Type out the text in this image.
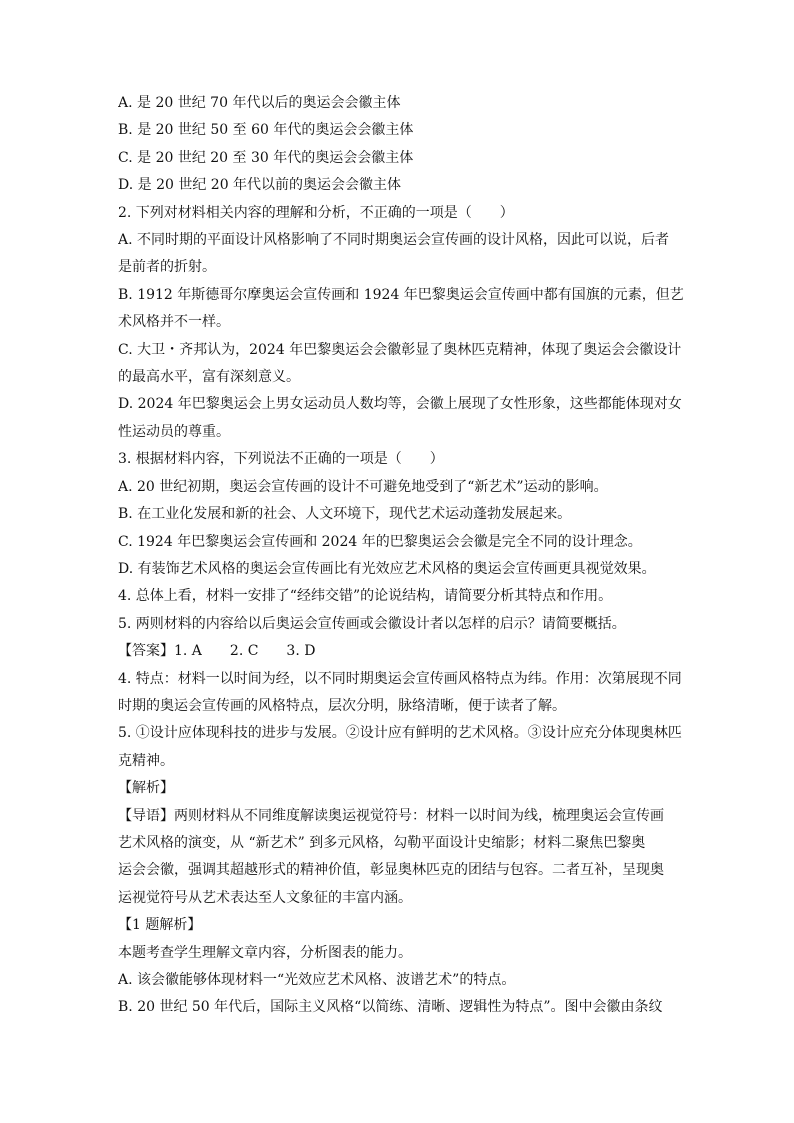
A. 是 20 世纪 70 年代以后的奥运会会徽主体
B. 是 20 世纪 50 至 60 年代的奥运会会徽主体
C. 是 20 世纪 20 至 30 年代的奥运会会徽主体
D. 是 20 世纪 20 年代以前的奥运会会徽主体
2. 下列对材料相关内容的理解和分析，不正确的一项是（　　）
A. 不同时期的平面设计风格影响了不同时期奥运会宣传画的设计风格，因此可以说，后者
是前者的折射。
B. 1912 年斯德哥尔摩奥运会宣传画和 1924 年巴黎奥运会宣传画中都有国旗的元素，但艺
术风格并不一样。
C. 大卫・齐邦认为，2024 年巴黎奥运会会徽彰显了奥林匹克精神，体现了奥运会会徽设计
的最高水平，富有深刻意义。
D. 2024 年巴黎奥运会上男女运动员人数均等，会徽上展现了女性形象，这些都能体现对女
性运动员的尊重。
3. 根据材料内容，下列说法不正确的一项是（　　）
A. 20 世纪初期，奥运会宣传画的设计不可避免地受到了“新艺术”运动的影响。
B. 在工业化发展和新的社会、人文环境下，现代艺术运动蓬勃发展起来。
C. 1924 年巴黎奥运会宣传画和 2024 年的巴黎奥运会会徽是完全不同的设计理念。
D. 有装饰艺术风格的奥运会宣传画比有光效应艺术风格的奥运会宣传画更具视觉效果。
4. 总体上看，材料一安排了“经纬交错”的论说结构，请简要分析其特点和作用。
5. 两则材料的内容给以后奥运会宣传画或会徽设计者以怎样的启示？请简要概括。
【答案】1. A　　2. C　　3. D
4. 特点：材料一以时间为经，以不同时期奥运会宣传画风格特点为纬。作用：次第展现不同
时期的奥运会宣传画的风格特点，层次分明，脉络清晰，便于读者了解。
5. ①设计应体现科技的进步与发展。②设计应有鲜明的艺术风格。③设计应充分体现奥林匹
克精神。
【解析】
【导语】两则材料从不同维度解读奥运视觉符号：材料一以时间为线，梳理奥运会宣传画
艺术风格的演变，从 “新艺术” 到多元风格，勾勒平面设计史缩影；材料二聚焦巴黎奥
运会会徽，强调其超越形式的精神价值，彰显奥林匹克的团结与包容。二者互补，呈现奥
运视觉符号从艺术表达至人文象征的丰富内涵。
【1 题解析】
本题考查学生理解文章内容，分析图表的能力。
A. 该会徽能够体现材料一“光效应艺术风格、波谱艺术”的特点。
B. 20 世纪 50 年代后，国际主义风格“以简练、清晰、逻辑性为特点”。图中会徽由条纹
